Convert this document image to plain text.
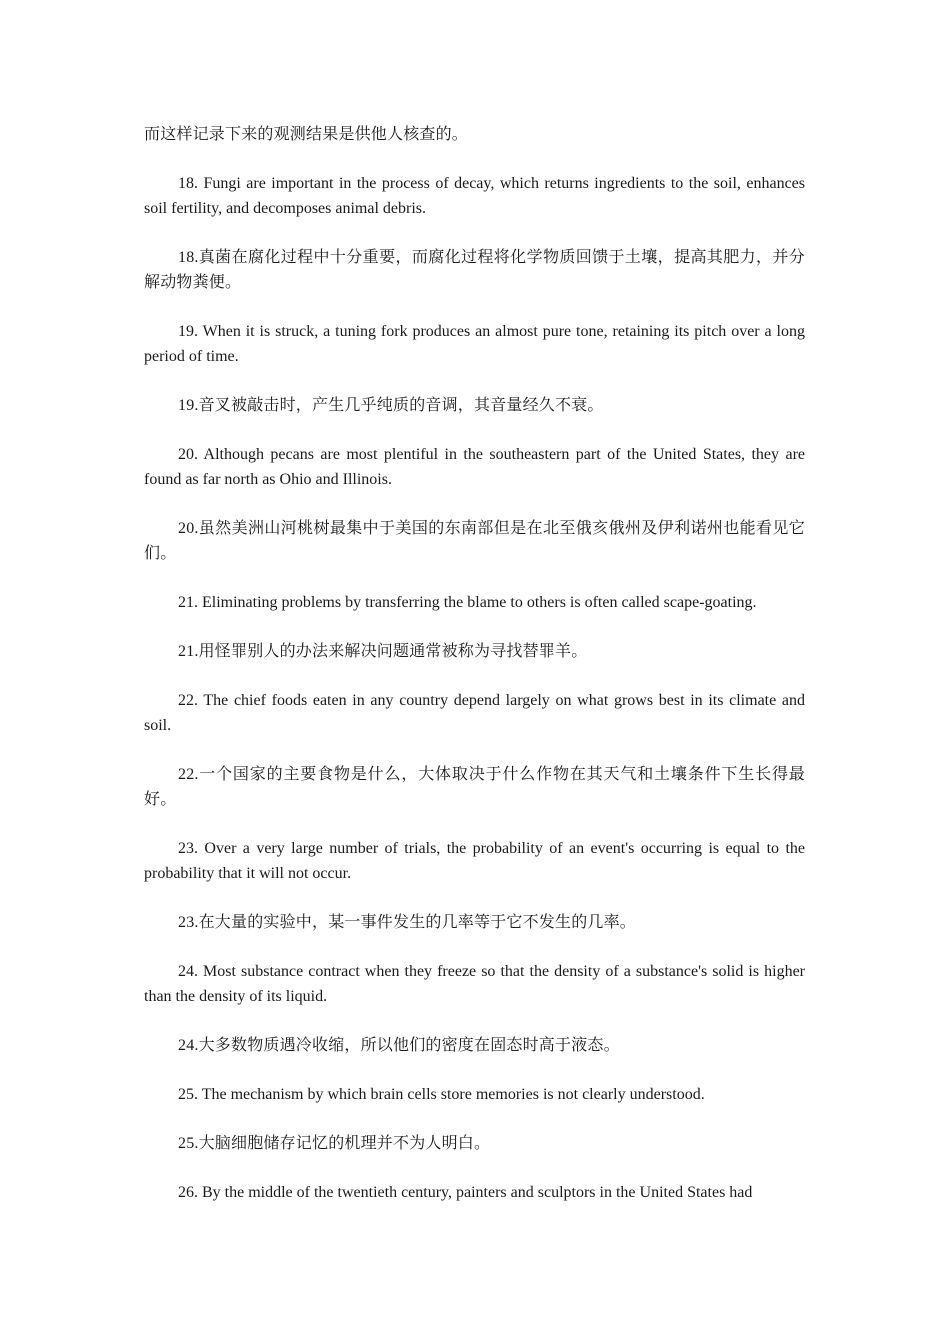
而这样记录下来的观测结果是供他人核查的。

18. Fungi are important in the process of decay, which returns ingredients to the soil, enhances soil fertility, and decomposes animal debris.

18.真菌在腐化过程中十分重要，而腐化过程将化学物质回馈于土壤，提高其肥力，并分解动物粪便。

19. When it is struck, a tuning fork produces an almost pure tone, retaining its pitch over a long period of time.

19.音叉被敲击时，产生几乎纯质的音调，其音量经久不衰。

20. Although pecans are most plentiful in the southeastern part of the United States, they are found as far north as Ohio and Illinois.

20.虽然美洲山河桃树最集中于美国的东南部但是在北至俄亥俄州及伊利诺州也能看见它们。

21. Eliminating problems by transferring the blame to others is often called scape-goating.

21.用怪罪别人的办法来解决问题通常被称为寻找替罪羊。

22. The chief foods eaten in any country depend largely on what grows best in its climate and soil.

22.一个国家的主要食物是什么，大体取决于什么作物在其天气和土壤条件下生长得最好。

23. Over a very large number of trials, the probability of an event's occurring is equal to the probability that it will not occur.

23.在大量的实验中，某一事件发生的几率等于它不发生的几率。

24. Most substance contract when they freeze so that the density of a substance's solid is higher than the density of its liquid.

24.大多数物质遇冷收缩，所以他们的密度在固态时高于液态。

25. The mechanism by which brain cells store memories is not clearly understood.

25.大脑细胞储存记忆的机理并不为人明白。

26. By the middle of the twentieth century, painters and sculptors in the United States had
